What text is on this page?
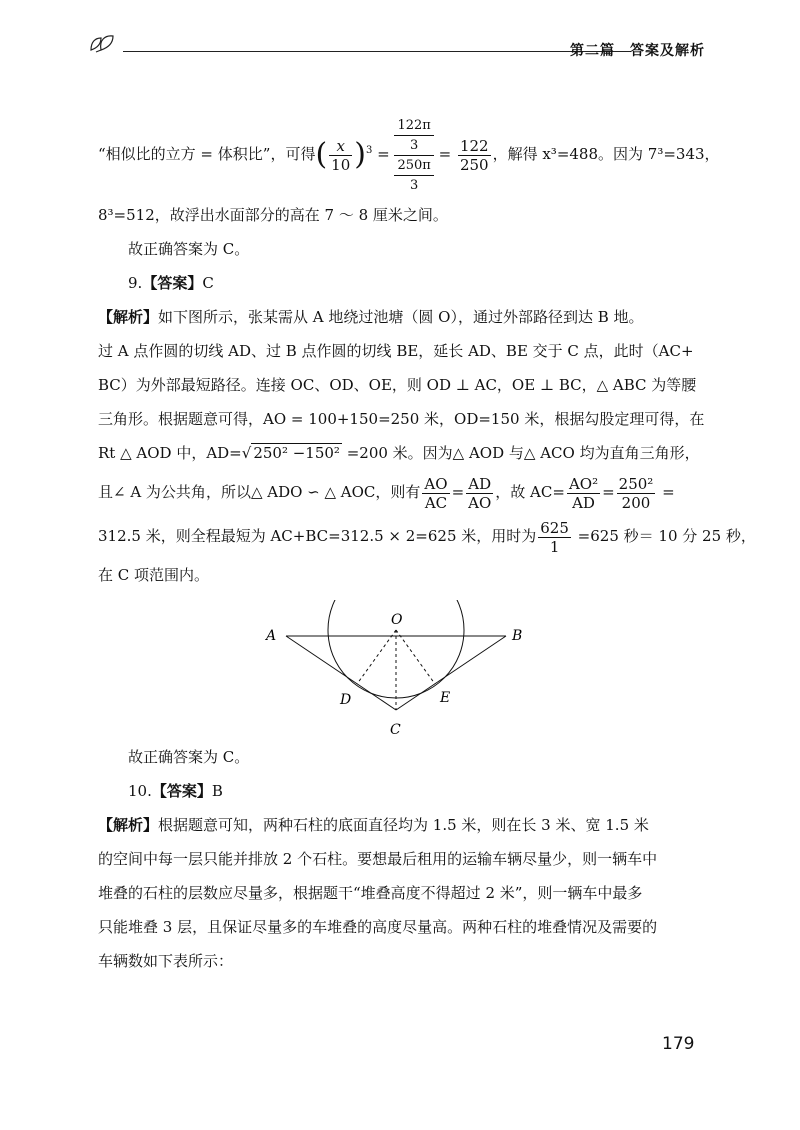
第二篇　答案及解析

“相似比的立方 = 体积比”，可得( $\frac{x}{10} )^3$ =
122π
3
250π
3
= $\frac{122}{250}$ ，解得 x³=488。因为 7³=343，

8³=512，故浮出水面部分的高在 7 ～ 8 厘米之间。

故正确答案为 C。

9.【答案】C

【解析】如下图所示，张某需从 A 地绕过池塘（圆 O），通过外部路径到达 B 地。

过 A 点作圆的切线 AD、过 B 点作圆的切线 BE，延长 AD、BE 交于 C 点，此时（AC+

BC）为外部最短路径。连接 OC、OD、OE，则 OD ⊥ AC，OE ⊥ BC，△ ABC 为等腰

三角形。根据题意可得，AO = 100+150=250 米，OD=150 米，根据勾股定理可得，在

Rt △ AOD 中，AD=√ 250² −150² =200 米。因为△ AOD 与△ ACO 均为直角三角形，

且∠ A 为公共角，所以△ ADO ∽ △ AOC，则有 $\frac{AO}{AC} = \frac{AD}{AO}$ ，故 $AC= \frac{\text{AO²}}{AD} = \frac{\text{250²}}{200}$ =

312.5 米，则全程最短为 AC+BC=312.5 × 2=625 米，用时为 $\frac{625}{1} =625$ 秒＝ 10 分 25 秒，

在 C 项范围内。

A	B
O
D	E
C

故正确答案为 C。

10.【答案】B

【解析】根据题意可知，两种石柱的底面直径均为 1.5 米，则在长 3 米、宽 1.5 米

的空间中每一层只能并排放 2 个石柱。要想最后租用的运输车辆尽量少，则一辆车中

堆叠的石柱的层数应尽量多，根据题干“堆叠高度不得超过 2 米”，则一辆车中最多

只能堆叠 3 层，且保证尽量多的车堆叠的高度尽量高。两种石柱的堆叠情况及需要的

车辆数如下表所示：

179
